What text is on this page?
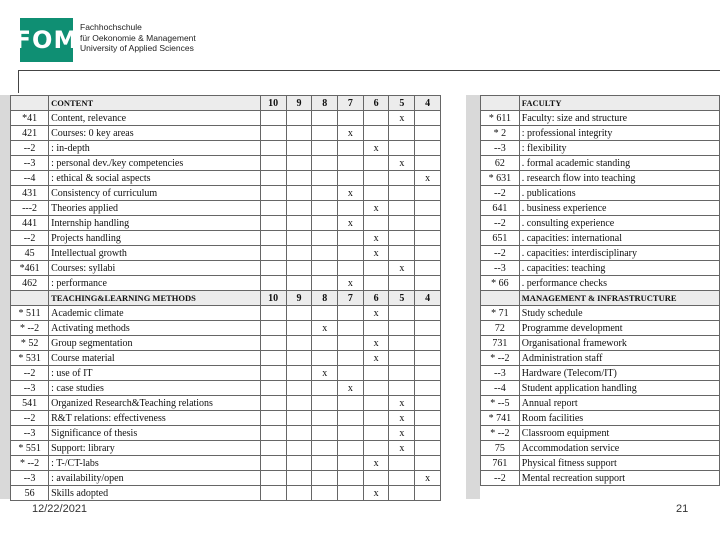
FOM Fachhochschule
für Oekonomie & Management
University of Applied Sciences
	CONTENT	10	9	8	7	6	5	4
*41	Content, relevance						x	
421	Courses: 0 key areas				x			
--2	: in-depth					x		
--3	: personal dev./key competencies						x	
--4	: ethical & social aspects							x
431	Consistency of curriculum				x			
---2	Theories applied					x		
441	Internship handling				x			
--2	Projects handling					x		
45	Intellectual growth					x		
*461	Courses: syllabi						x	
462	: performance				x			
	TEACHING&LEARNING METHODS	10	9	8	7	6	5	4
* 511	Academic climate					x		
* --2	Activating methods			x				
* 52	Group segmentation					x		
* 531	Course material					x		
--2	: use of IT			x				
--3	: case studies				x			
541	Organized Research&Teaching relations						x	
--2	R&T relations: effectiveness						x	
--3	Significance of thesis						x	
* 551	Support: library						x	
* --2	: T-/CT-labs					x		
--3	: availability/open							x
56	Skills adopted					x		
	FACULTY
* 611	Faculty: size and structure
* 2	: professional integrity
--3	: flexibility
62	. formal academic standing
* 631	. research flow into teaching
--2	. publications
641	. business experience
--2	. consulting experience
651	. capacities: international
--2	. capacities: interdisciplinary
--3	. capacities: teaching
* 66	. performance checks
	MANAGEMENT & INFRASTRUCTURE
* 71	Study schedule
72	Programme development
731	Organisational framework
* --2	Administration staff
--3	Hardware (Telecom/IT)
--4	Student application handling
* --5	Annual report
* 741	Room facilities
* --2	Classroom equipment
75	Accommodation service
761	Physical fitness support
--2	Mental recreation support
12/22/2021	21
